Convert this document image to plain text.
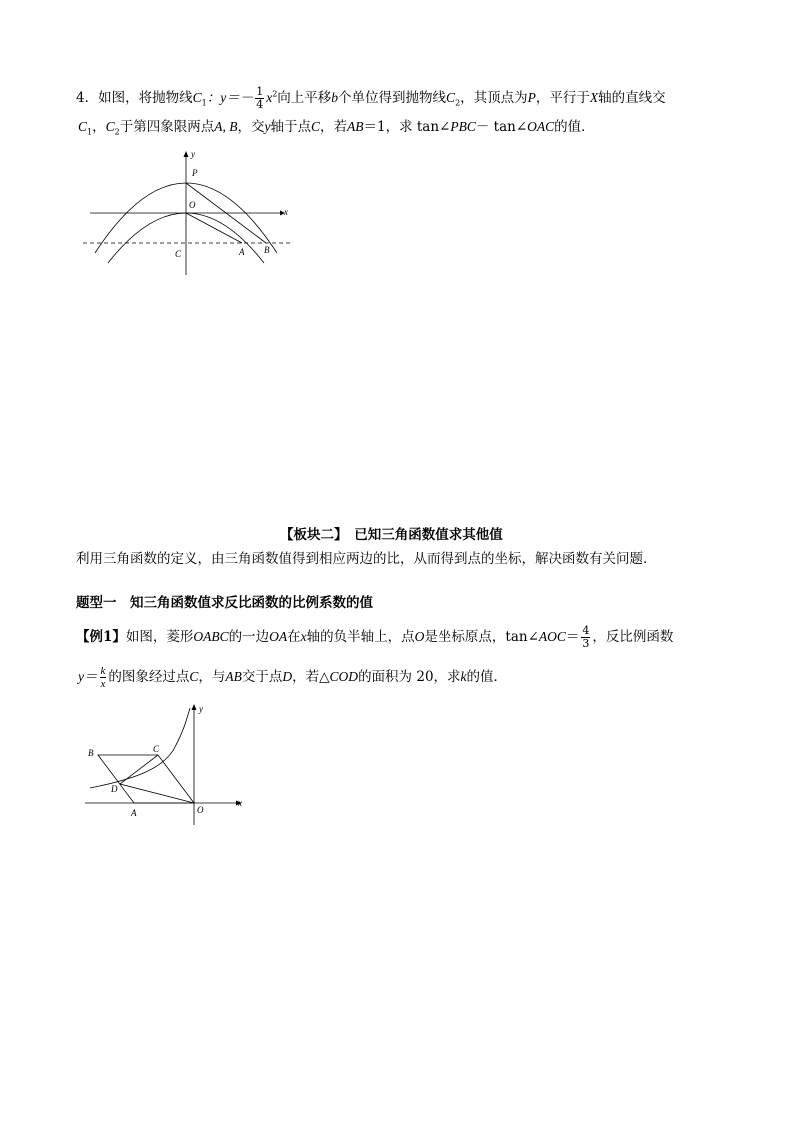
4．如图，将抛物线$C_1$：$y=- \frac{1}{4} x^2$向上平移b个单位得到抛物线$C_2$，其顶点为P，平行于X轴的直线交
$C_1$，$C_2$于第四象限两点A, B，交y轴于点C，若AB＝1，求 tan∠PBC－ tan∠OAC的值．
y
x
P
O
C	A B
【板块二】　已知三角函数值求其他值
利用三角函数的定义，由三角函数值得到相应两边的比，从而得到点的坐标，解决函数有关问题．
题型一　知三角函数值求反比函数的比例系数的值
【例1】如图，菱形OABC的一边OA在x轴的负半轴上，点O是坐标原点，tan∠AOC＝ $\frac{4}{3}$ ，反比例函数
$y= \frac{k}{x}$ 的图象经过点C，与AB交于点D，若△COD的面积为 20，求k的值．
y
x
B	C
D
A	O
